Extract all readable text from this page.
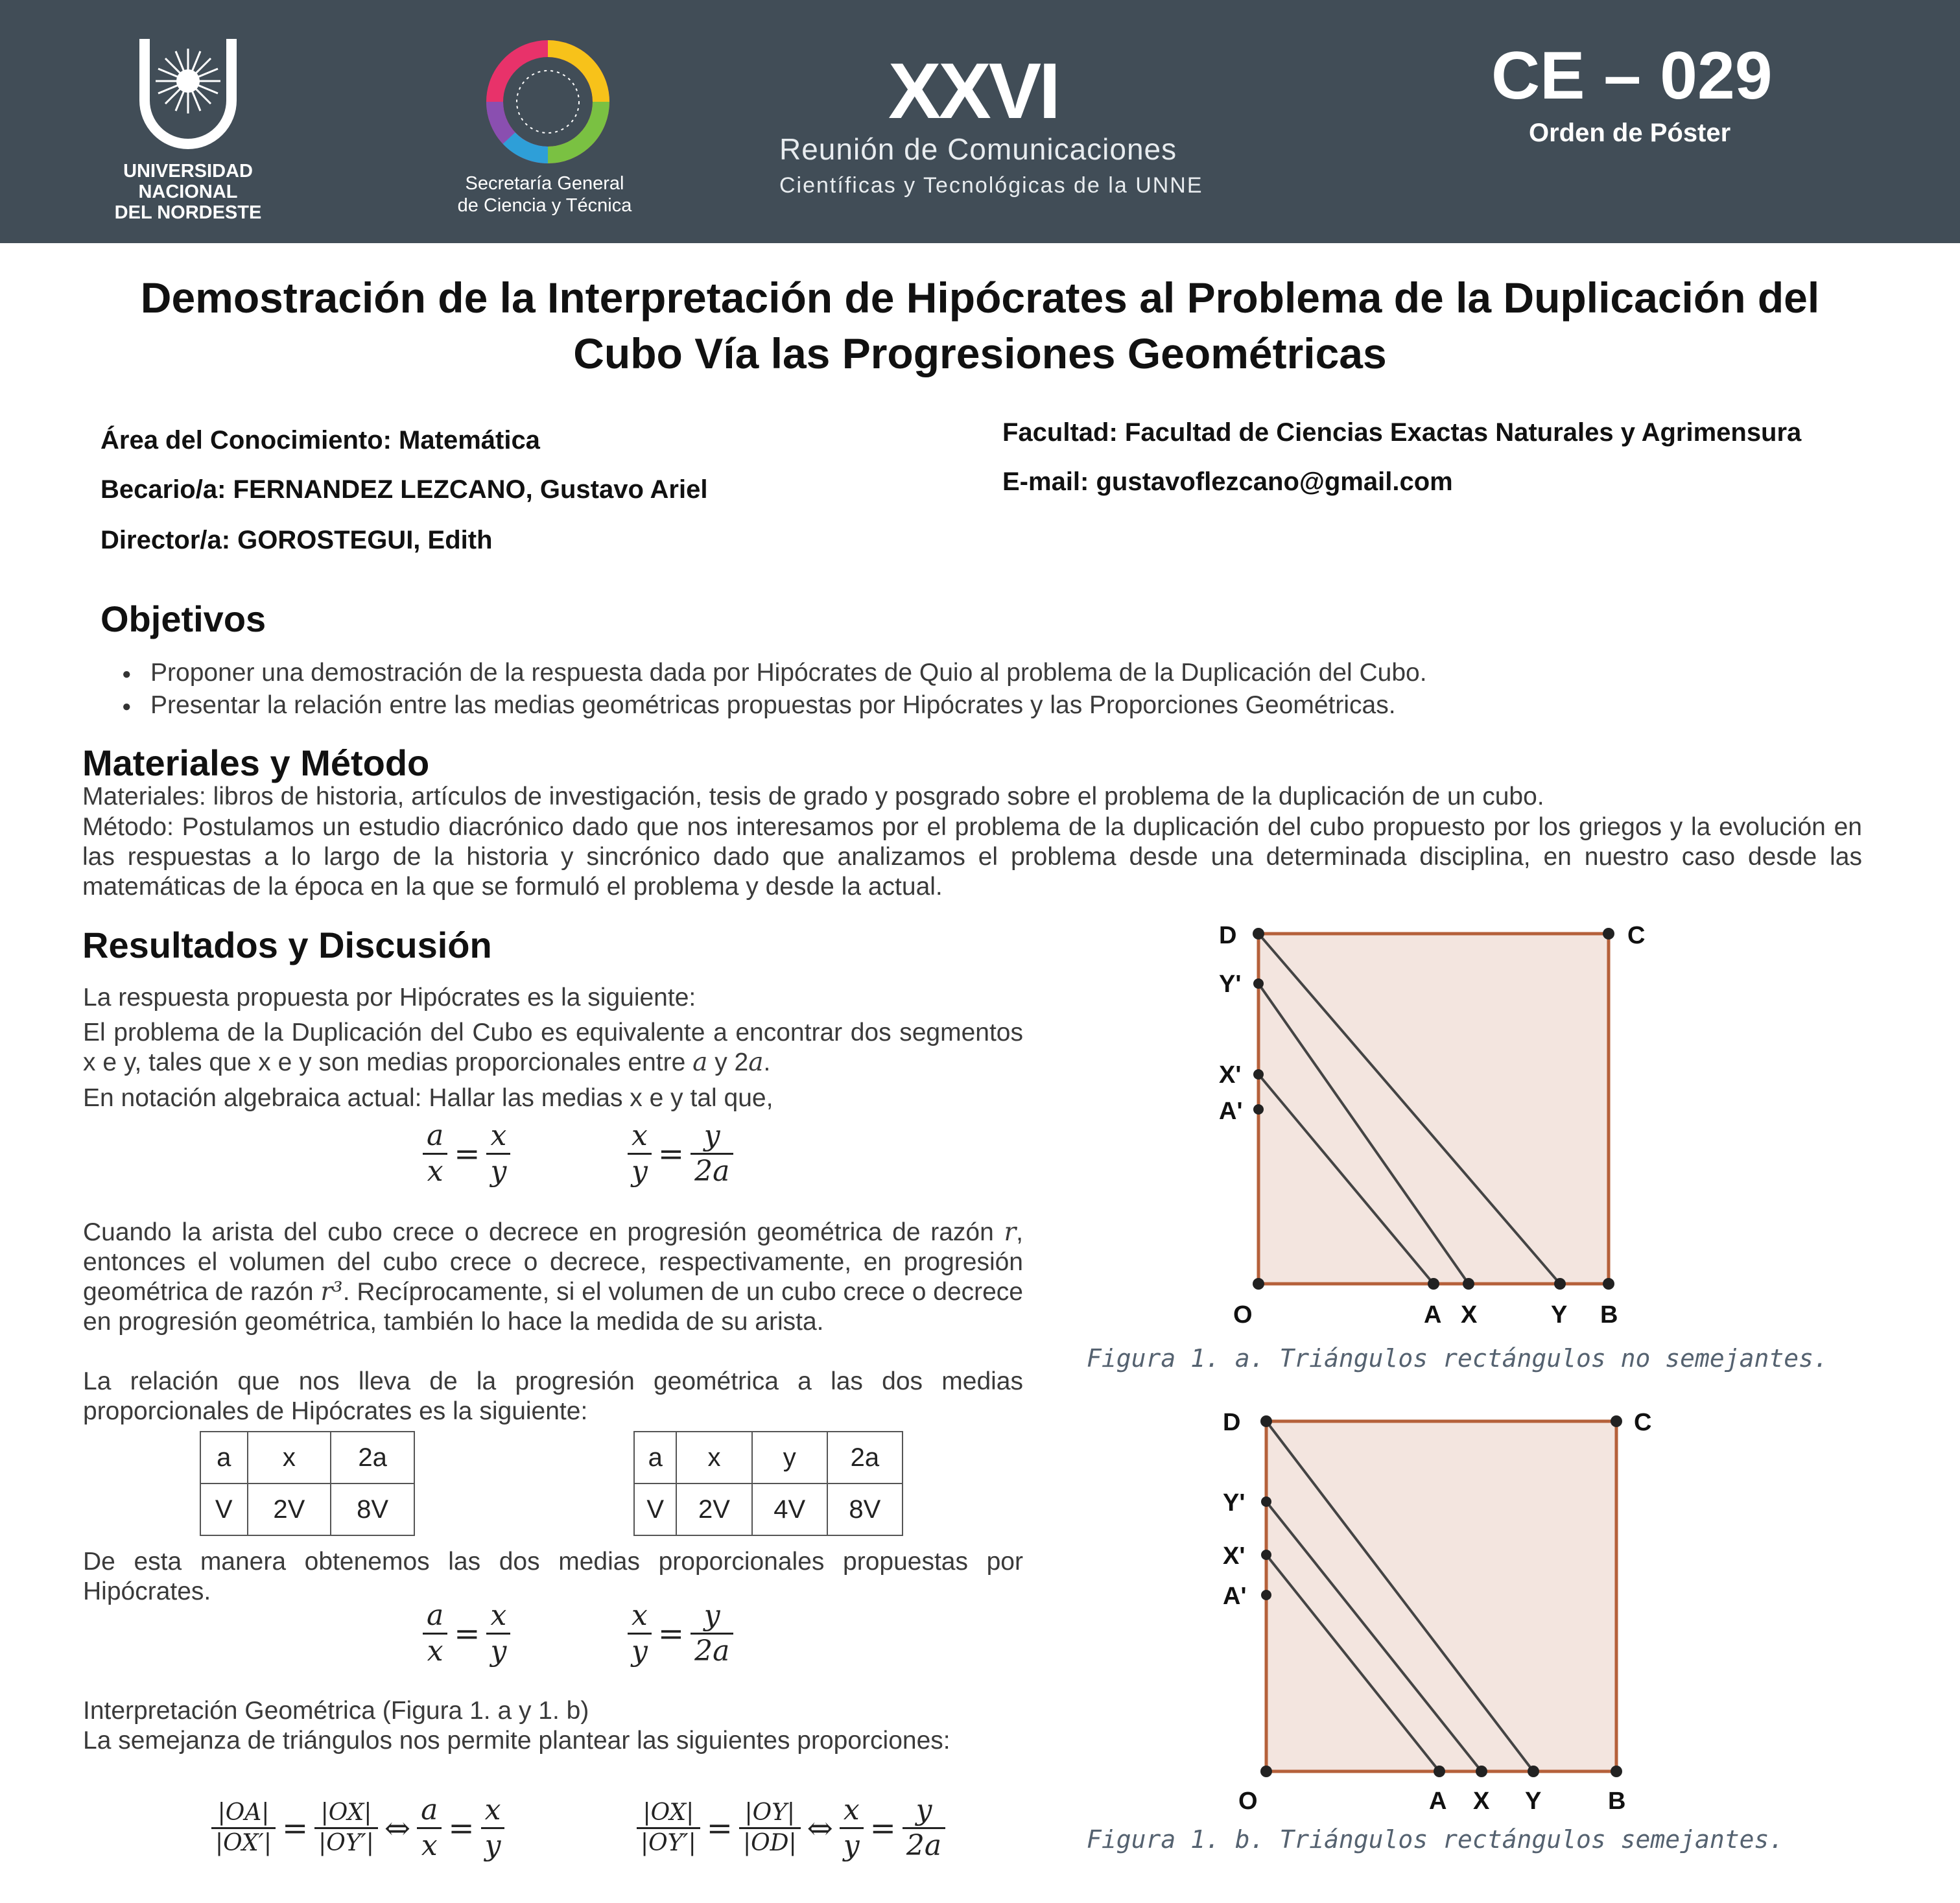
UNIVERSIDAD
NACIONAL
DEL NORDESTE
Secretaría General
de Ciencia y Técnica
XXVI
Reunión de Comunicaciones
Científicas y Tecnológicas de la UNNE
CE – 029
Orden de Póster
Demostración de la Interpretación de Hipócrates al Problema de la Duplicación del
Cubo Vía las Progresiones Geométricas
Área del Conocimiento: Matemática
Becario/a: FERNANDEZ LEZCANO, Gustavo Ariel
Director/a: GOROSTEGUI, Edith
Facultad: Facultad de Ciencias Exactas Naturales y Agrimensura
E-mail: gustavoflezcano@gmail.com
Objetivos
● Proponer una demostración de la respuesta dada por Hipócrates de Quio al problema de la Duplicación del Cubo.
● Presentar la relación entre las medias geométricas propuestas por Hipócrates y las Proporciones Geométricas.
Materiales y Método
Materiales: libros de historia, artículos de investigación, tesis de grado y posgrado sobre el problema de la duplicación de un cubo.
Método: Postulamos un estudio diacrónico dado que nos interesamos por el problema de la duplicación del cubo propuesto por los griegos y la evolución en las respuestas a lo largo de la historia y sincrónico dado que analizamos el problema desde una determinada disciplina, en nuestro caso desde las matemáticas de la época en la que se formuló el problema y desde la actual.
Resultados y Discusión
La respuesta propuesta por Hipócrates es la siguiente:
El problema de la Duplicación del Cubo es equivalente a encontrar dos segmentos x e y, tales que x e y son medias proporcionales entre a y 2a.
En notación algebraica actual: Hallar las medias x e y tal que,
$\frac{a}{x} = \frac{x}{y}$	$\frac{x}{y} = \frac{y}{2a}$
Cuando la arista del cubo crece o decrece en progresión geométrica de razón r, entonces el volumen del cubo crece o decrece, respectivamente, en progresión geométrica de razón r³. Recíprocamente, si el volumen de un cubo crece o decrece en progresión geométrica, también lo hace la medida de su arista.
La relación que nos lleva de la progresión geométrica a las dos medias proporcionales de Hipócrates es la siguiente:
a	x	2a
V	2V	8V
a	x	y	2a
V	2V	4V	8V
De esta manera obtenemos las dos medias proporcionales propuestas por Hipócrates.
$\frac{a}{x} = \frac{x}{y}$	$\frac{x}{y} = \frac{y}{2a}$
Interpretación Geométrica (Figura 1. a y 1. b)
La semejanza de triángulos nos permite plantear las siguientes proporciones:
$\frac{|OA|}{|OX'|} = \frac{|OX|}{|OY'|}$ ⇔ $\frac{a}{x} = \frac{x}{y}$	$\frac{|OX|}{|OY'|} = \frac{|OY|}{|OD|}$ ⇔ $\frac{x}{y} = \frac{y}{2a}$
D	C
Y'
X'
A'
O	A X	Y B
Figura 1. a. Triángulos rectángulos no semejantes.
D	C
Y'
X'
A'
O	A X Y	B
Figura 1. b. Triángulos rectángulos semejantes.
